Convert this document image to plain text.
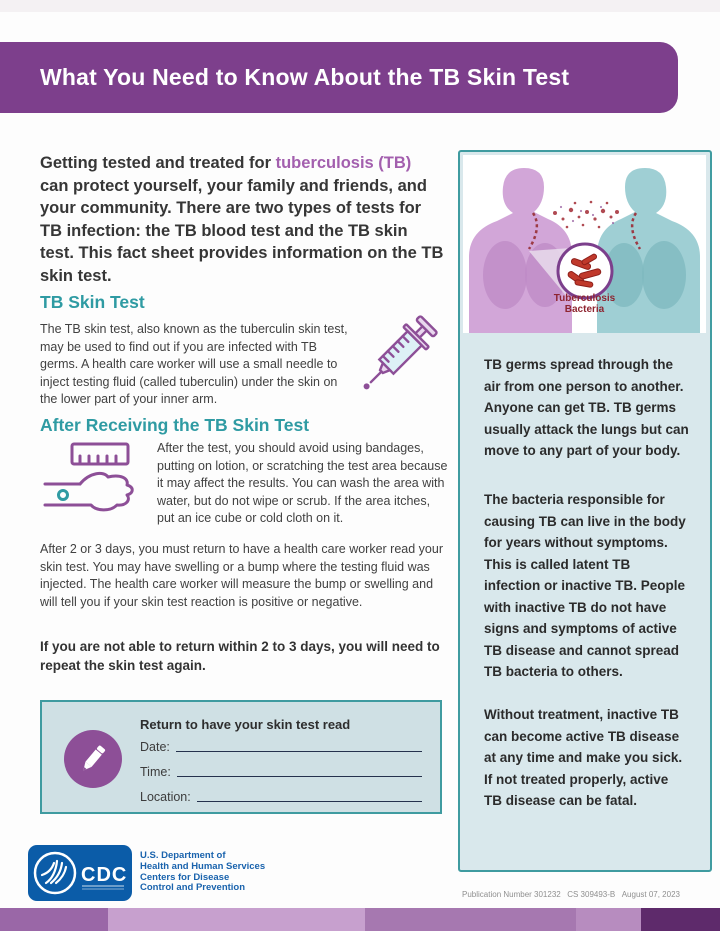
What You Need to Know About the TB Skin Test

Getting tested and treated for tuberculosis (TB) can protect yourself, your family and friends, and your community. There are two types of tests for TB infection: the TB blood test and the TB skin test. This fact sheet provides information on the TB skin test.

TB Skin Test

The TB skin test, also known as the tuberculin skin test, may be used to find out if you are infected with TB germs. A health care worker will use a small needle to inject testing fluid (called tuberculin) under the skin on the lower part of your inner arm.

After Receiving the TB Skin Test

After the test, you should avoid using bandages, putting on lotion, or scratching the test area because it may affect the results. You can wash the area with water, but do not wipe or scrub. If the area itches, put an ice cube or cold cloth on it.

After 2 or 3 days, you must return to have a health care worker read your skin test. You may have swelling or a bump where the testing fluid was injected. The health care worker will measure the bump or swelling and will tell you if your skin test reaction is positive or negative.

If you are not able to return within 2 to 3 days, you will need to repeat the skin test again.

Return to have your skin test read
Date:
Time:
Location:
CDC
U.S. Department of
Health and Human Services
Centers for Disease
Control and Prevention
Publication Number 301232 CS 309493-B August 07, 2023
Tuberculosis Bacteria

TB germs spread through the air from one person to another. Anyone can get TB. TB germs usually attack the lungs but can move to any part of your body.

The bacteria responsible for causing TB can live in the body for years without symptoms. This is called latent TB infection or inactive TB. People with inactive TB do not have signs and symptoms of active TB disease and cannot spread TB bacteria to others.

Without treatment, inactive TB can become active TB disease at any time and make you sick. If not treated properly, active TB disease can be fatal.
